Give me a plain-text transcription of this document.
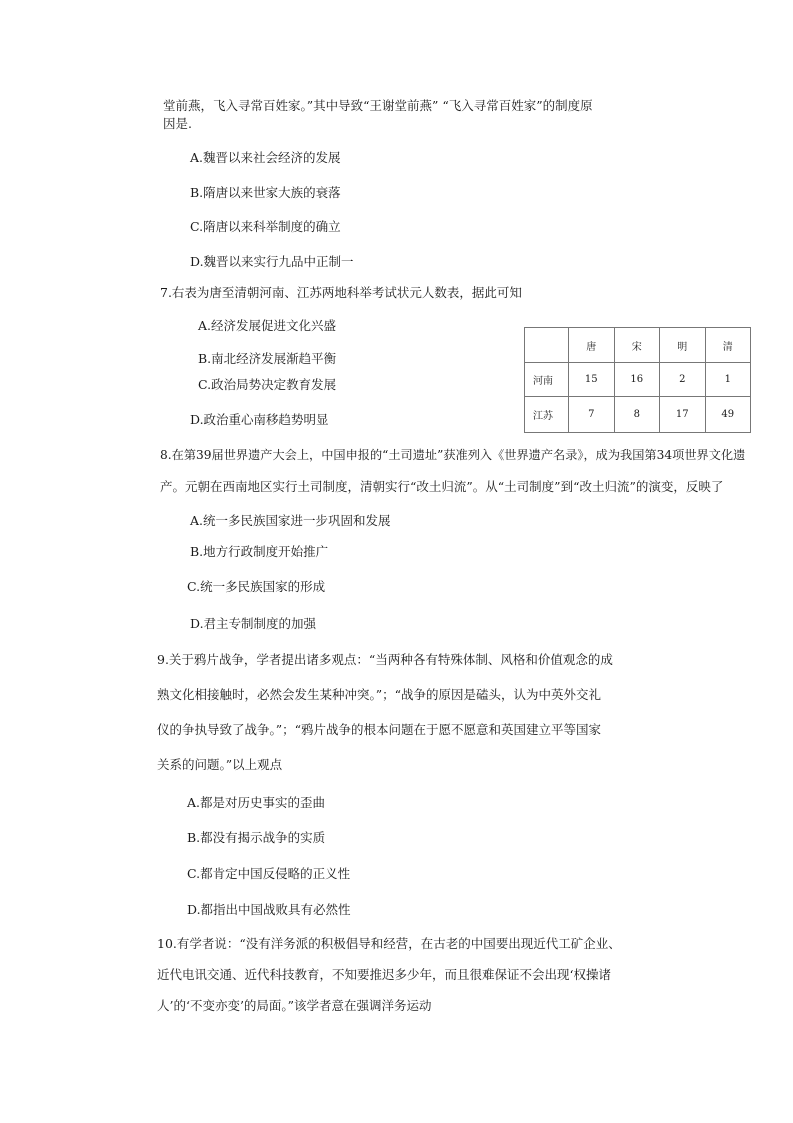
堂前燕，飞入寻常百姓家。”其中导致“王谢堂前燕” “飞入寻常百姓家”的制度原
因是.
A.魏晋以来社会经济的发展
B.隋唐以来世家大族的衰落
C.隋唐以来科举制度的确立
D.魏晋以来实行九品中正制一
7.右表为唐至清朝河南、江苏两地科举考试状元人数表，据此可知
A.经济发展促进文化兴盛
B.南北经济发展渐趋平衡
C.政治局势决定教育发展
D.政治重心南移趋势明显
	唐	宋	明	清
河南	15	16	2	1
江苏	7	8	17	49
8.在第39届世界遗产大会上，中国申报的“土司遗址”获准列入《世界遗产名录》，成为我国第34项世界文化遗
产。元朝在西南地区实行土司制度，清朝实行“改土归流”。从“土司制度”到“改土归流”的演变，反映了
A.统一多民族国家进一步巩固和发展
B.地方行政制度开始推广
C.统一多民族国家的形成
D.君主专制制度的加强
9.关于鸦片战争，学者提出诸多观点：“当两种各有特殊体制、风格和价值观念的成
熟文化相接触时，必然会发生某种冲突。”；“战争的原因是磕头，认为中英外交礼
仪的争执导致了战争。”；“鸦片战争的根本问题在于愿不愿意和英国建立平等国家
关系的问题。”以上观点
A.都是对历史事实的歪曲
B.都没有揭示战争的实质
C.都肯定中国反侵略的正义性
D.都指出中国战败具有必然性
10.有学者说：“没有洋务派的积极倡导和经营，在古老的中国要出现近代工矿企业、
近代电讯交通、近代科技教育，不知要推迟多少年，而且很难保证不会出现‘权操诸
人’的‘不变亦变’的局面。”该学者意在强调洋务运动
